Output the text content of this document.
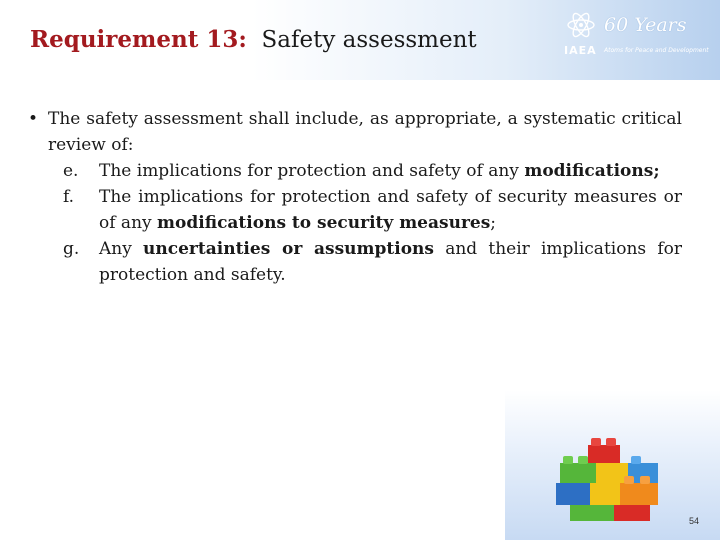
Requirement 13: Safety assessment
60 Years
IAEA Atoms for Peace and Development
• The safety assessment shall include, as appropriate, a systematic critical review of:
e. The implications for protection and safety of any modifications;
f. The implications for protection and safety of security measures or of any modifications to security measures;
g. Any uncertainties or assumptions and their implications for protection and safety.
54
